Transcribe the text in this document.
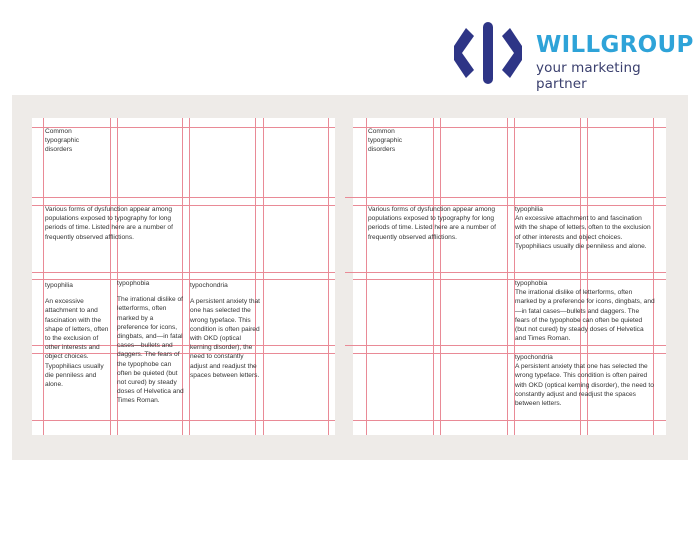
WILLGROUP
your marketing partner

Common

typographic

disorders

Various forms of dysfunction appear among populations exposed to typography for long periods of time. Listed here are a number of frequently observed afflictions.

typophilia

An excessive attachment to and fascination with the shape of letters, often to the exclusion of other interests and object choices. Typophiliacs usually die penniless and alone.

typophobia

The irrational dislike of letterforms, often marked by a preference for icons, dingbats, and—in fatal cases—bullets and daggers. The fears of the typophobe can often be quieted (but not cured) by steady doses of Helvetica and Times Roman.

typochondria

A persistent anxiety that one has selected the wrong typeface. This condition is often paired with OKD (optical kerning disorder), the need to constantly adjust and readjust the spaces between letters.

Common

typographic

disorders

Various forms of dysfunction appear among populations exposed to typography for long periods of time. Listed here are a number of frequently observed afflictions.

typophilia

An excessive attachment to and fascination with the shape of letters, often to the exclusion of other interests and object choices. Typophiliacs usually die penniless and alone.

typophobia

The irrational dislike of letterforms, often marked by a preference for icons, dingbats, and—in fatal cases—bullets and daggers. The fears of the typophobe can often be quieted (but not cured) by steady doses of Helvetica and Times Roman.

typochondria

A persistent anxiety that one has selected the wrong typeface. This condition is often paired with OKD (optical kerning disorder), the need to constantly adjust and readjust the spaces between letters.
